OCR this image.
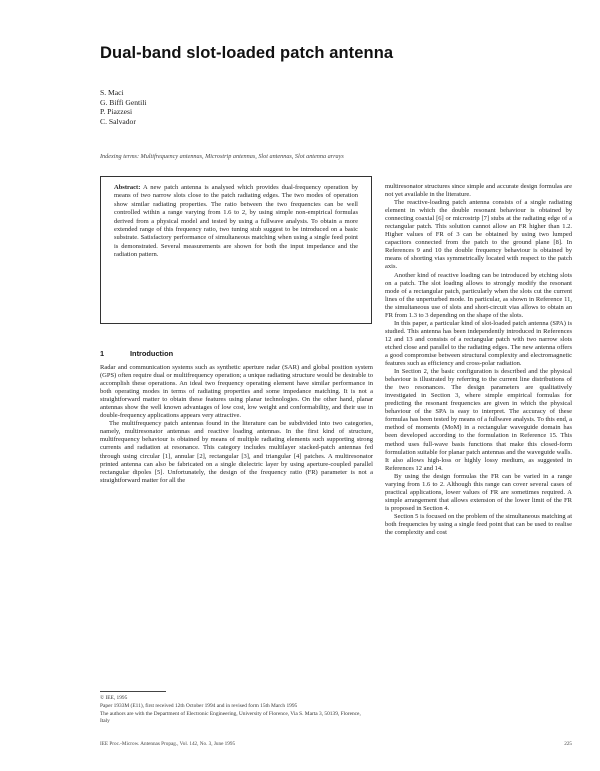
Dual-band slot-loaded patch antenna
S. Maci
G. Biffi Gentili
P. Piazzesi
C. Salvador
Indexing terms: Multifrequency antennas, Microstrip antennas, Slot antennas, Slot antenna arrays
Abstract: A new patch antenna is analysed which provides dual-frequency operation by means of two narrow slots close to the patch radiating edges. The two modes of operation show similar radiating properties. The ratio between the two frequencies can be well controlled within a range varying from 1.6 to 2, by using simple non-empirical formulas derived from a physical model and tested by using a fullwave analysis. To obtain a more extended range of this frequency ratio, two tuning stub suggest to be introduced on a basic substrate. Satisfactory performance of simultaneous matching when using a single feed point is demonstrated. Several measurements are shown for both the input impedance and the radiation pattern.
1	Introduction

Radar and communication systems such as synthetic aperture radar (SAR) and global position system (GPS) often require dual or multifrequency operation; a unique radiating structure would be desirable to accomplish these operations. An ideal two frequency operating element have similar performance in both operating modes in terms of radiating properties and some impedance matching. It is not a straightforward matter to obtain these features using planar technologies. On the other hand, planar antennas show the well known advantages of low cost, low weight and conformability, and their use in double-frequency applications appears very attractive.

The multifrequency patch antennas found in the literature can be subdivided into two categories, namely, multiresonator antennas and reactive loading antennas. In the first kind of structure, multifrequency behaviour is obtained by means of multiple radiating elements such supporting strong currents and radiation at resonance. This category includes multilayer stacked-patch antennas fed through using circular [1], annular [2], rectangular [3], and triangular [4] patches. A multiresonator printed antenna can also be fabricated on a single dielectric layer by using aperture-coupled parallel rectangular dipoles [5]. Unfortunately, the design of the frequency ratio (FR) parameter is not a straightforward matter for all the

multiresonator structures since simple and accurate design formulas are not yet available in the literature.

The reactive-loading patch antenna consists of a single radiating element in which the double resonant behaviour is obtained by connecting coaxial [6] or microstrip [7] stubs at the radiating edge of a rectangular patch. This solution cannot allow an FR higher than 1.2. Higher values of FR of 3 can be obtained by using two lumped capacitors connected from the patch to the ground plane [8]. In References 9 and 10 the double frequency behaviour is obtained by means of shorting vias symmetrically located with respect to the patch axis.

Another kind of reactive loading can be introduced by etching slots on a patch. The slot loading allows to strongly modify the resonant mode of a rectangular patch, particularly when the slots cut the current lines of the unperturbed mode. In particular, as shown in Reference 11, the simultaneous use of slots and short-circuit vias allows to obtain an FR from 1.3 to 3 depending on the shape of the slots.

In this paper, a particular kind of slot-loaded patch antenna (SPA) is studied. This antenna has been independently introduced in References 12 and 13 and consists of a rectangular patch with two narrow slots etched close and parallel to the radiating edges. The new antenna offers a good compromise between structural complexity and electromagnetic features such as efficiency and cross-polar radiation.

In Section 2, the basic configuration is described and the physical behaviour is illustrated by referring to the current line distributions of the two resonances. The design parameters are qualitatively investigated in Section 3, where simple empirical formulas for predicting the resonant frequencies are given in which the physical behaviour of the SPA is easy to interpret. The accuracy of these formulas has been tested by means of a fullwave analysis. To this end, a method of moments (MoM) in a rectangular waveguide domain has been developed according to the formulation in Reference 15. This method uses full-wave basis functions that make this closed-form formulation suitable for planar patch antennas and the waveguide walls. It also allows high-loss or highly lossy medium, as suggested in References 12 and 14.

By using the design formulas the FR can be varied in a range varying from 1.6 to 2. Although this range can cover several cases of practical applications, lower values of FR are sometimes required. A simple arrangement that allows extension of the lower limit of the FR is proposed in Section 4.

Section 5 is focused on the problem of the simultaneous matching at both frequencies by using a single feed point that can be used to realise the complexity and cost

© IEE, 1995
Paper 1933M (E11), first received 12th October 1994 and in revised form 15th March 1995
The authors are with the Department of Electronic Engineering, University of Florence, Via S. Marta 3, 50139, Florence, Italy
IEE Proc.-Microw. Antennas Propag., Vol. 142, No. 3, June 1995	225
